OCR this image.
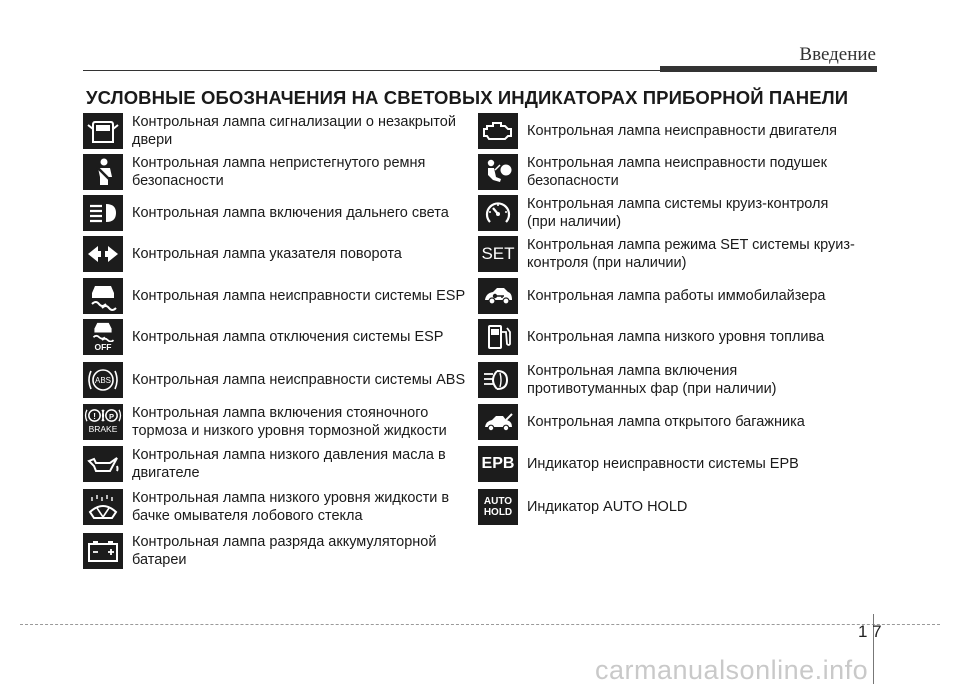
Введение
УСЛОВНЫЕ ОБОЗНАЧЕНИЯ НА СВЕТОВЫХ ИНДИКАТОРАХ ПРИБОРНОЙ ПАНЕЛИ
Контрольная лампа сигнализации о незакрытой двери
Контрольная лампа непристегнутого ремня безопасности
Контрольная лампа включения дальнего света
Контрольная лампа указателя поворота
Контрольная лампа неисправности системы ESP
OFF
Контрольная лампа отключения системы ESP
ABS Контрольная лампа неисправности системы ABS
! P
BRAKE
Контрольная лампа включения стояночного тормоза и низкого уровня тормозной жидкости
Контрольная лампа низкого давления масла в двигателе
Контрольная лампа низкого уровня жидкости в бачке омывателя лобового стекла
Контрольная лампа разряда аккумуляторной батареи
Контрольная лампа неисправности двигателя
Контрольная лампа неисправности подушек безопасности
Контрольная лампа системы круиз-контроля (при наличии)
SET Контрольная лампа режима SET системы круиз-контроля (при наличии)
Контрольная лампа работы иммобилайзера
Контрольная лампа низкого уровня топлива
Контрольная лампа включения противотуманных фар (при наличии)
Контрольная лампа открытого багажника
EPB Индикатор неисправности системы EPB
AUTO HOLD Индикатор AUTO HOLD
1 7
carmanualsonline.info
